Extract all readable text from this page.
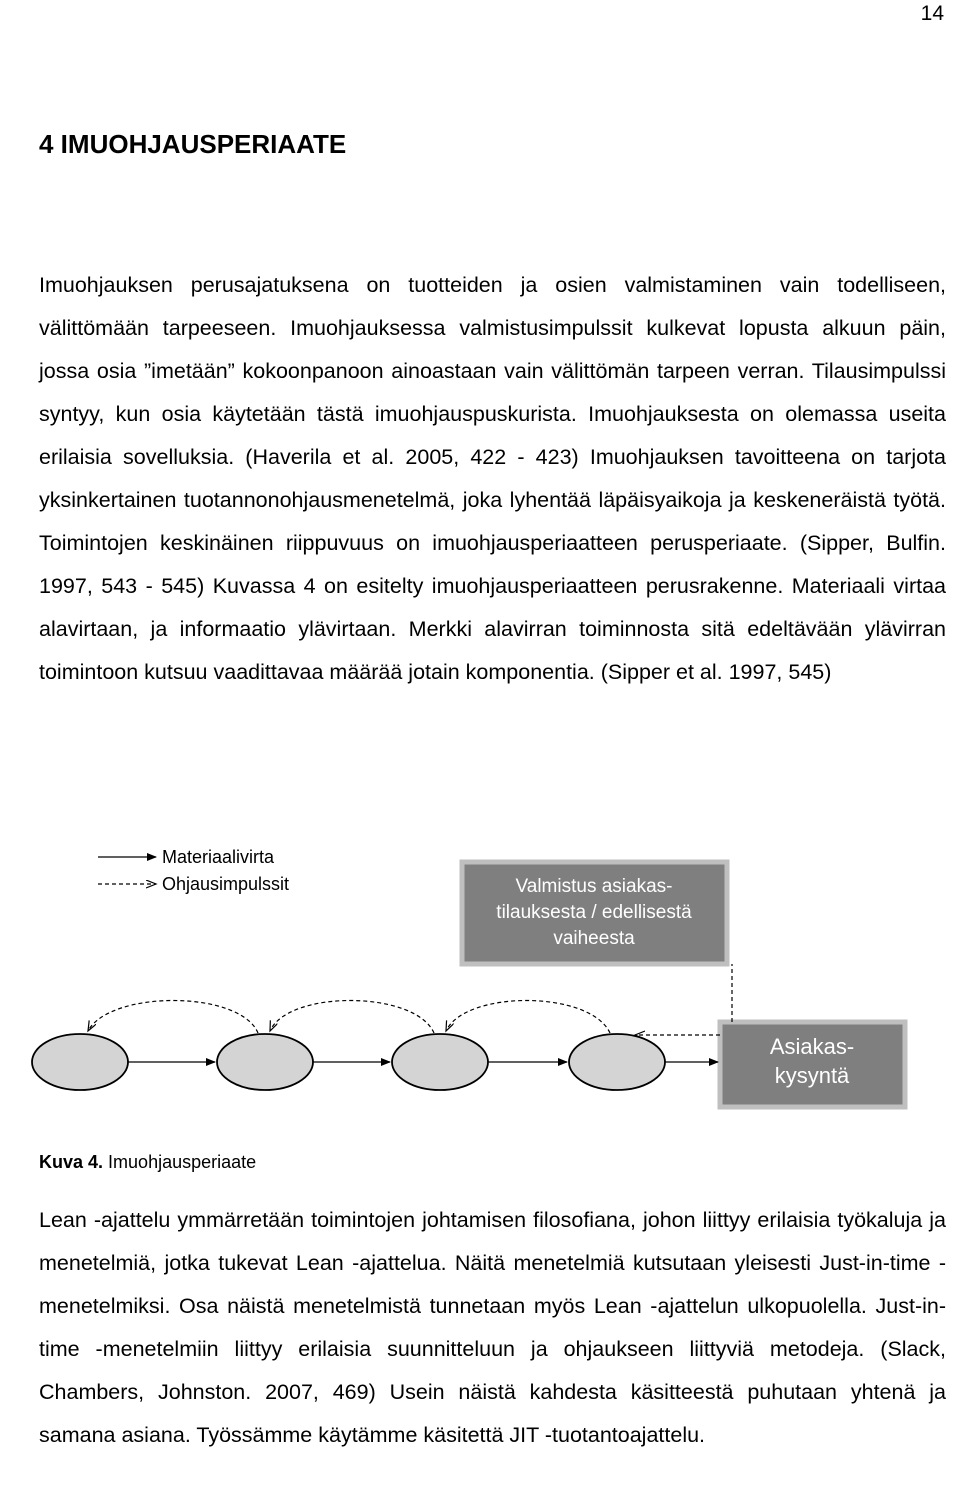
14
4 IMUOHJAUSPERIAATE

Imuohjauksen perusajatuksena on tuotteiden ja osien valmistaminen vain todelliseen, välittömään tarpeeseen. Imuohjauksessa valmistusimpulssit kulkevat lopusta alkuun päin, jossa osia ”imetään” kokoonpanoon ainoastaan vain välittömän tarpeen verran. Tilausimpulssi syntyy, kun osia käytetään tästä imuohjauspuskurista. Imuohjauksesta on olemassa useita erilaisia sovelluksia. (Haverila et al. 2005, 422 - 423) Imuohjauksen tavoitteena on tarjota yksinkertainen tuotannonohjausmenetelmä, joka lyhentää läpäisyaikoja ja keskeneräistä työtä. Toimintojen keskinäinen riippuvuus on imuohjausperiaatteen perusperiaate. (Sipper, Bulfin. 1997, 543 - 545) Kuvassa 4 on esitelty imuohjausperiaatteen perusrakenne. Materiaali virtaa alavirtaan, ja informaatio ylävirtaan. Merkki alavirran toiminnosta sitä edeltävään ylävirran toimintoon kutsuu vaadittavaa määrää jotain komponentia. (Sipper et al. 1997, 545)

Materiaalivirta
Ohjausimpulssit	Valmistus asiakas-
tilauksesta / edellisestä
vaiheesta
Asiakas-
kysyntä

Kuva 4. Imuohjausperiaate

Lean -ajattelu ymmärretään toimintojen johtamisen filosofiana, johon liittyy erilaisia työkaluja ja menetelmiä, jotka tukevat Lean -ajattelua. Näitä menetelmiä kutsutaan yleisesti Just-in-time -menetelmiksi. Osa näistä menetelmistä tunnetaan myös Lean -ajattelun ulkopuolella. Just-in-time -menetelmiin liittyy erilaisia suunnitteluun ja ohjaukseen liittyviä metodeja. (Slack, Chambers, Johnston. 2007, 469) Usein näistä kahdesta käsitteestä puhutaan yhtenä ja samana asiana. Työssämme käytämme käsitettä JIT -tuotantoajattelu.
